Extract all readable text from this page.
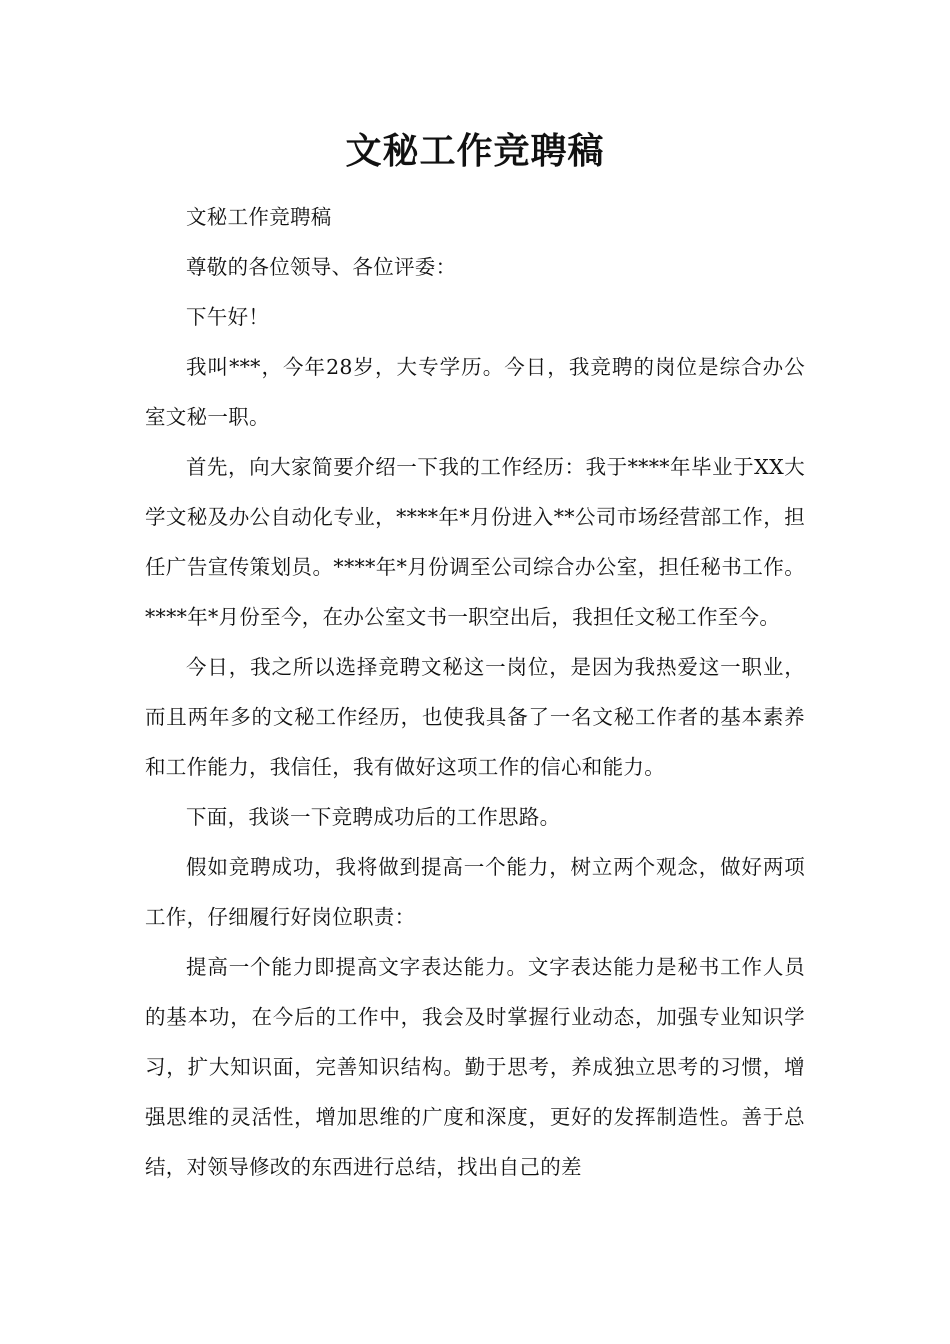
文秘工作竞聘稿

文秘工作竞聘稿

尊敬的各位领导、各位评委：

下午好！

我叫***，今年28岁，大专学历。今日，我竞聘的岗位是综合办公室文秘一职。

首先，向大家简要介绍一下我的工作经历：我于****年毕业于XX大学文秘及办公自动化专业，****年*月份进入**公司市场经营部工作，担任广告宣传策划员。****年*月份调至公司综合办公室，担任秘书工作。****年*月份至今，在办公室文书一职空出后，我担任文秘工作至今。

今日，我之所以选择竞聘文秘这一岗位，是因为我热爱这一职业，而且两年多的文秘工作经历，也使我具备了一名文秘工作者的基本素养和工作能力，我信任，我有做好这项工作的信心和能力。

下面，我谈一下竞聘成功后的工作思路。

假如竞聘成功，我将做到提高一个能力，树立两个观念，做好两项工作，仔细履行好岗位职责：

提高一个能力即提高文字表达能力。文字表达能力是秘书工作人员的基本功，在今后的工作中，我会及时掌握行业动态，加强专业知识学习，扩大知识面，完善知识结构。勤于思考，养成独立思考的习惯，增强思维的灵活性，增加思维的广度和深度，更好的发挥制造性。善于总结，对领导修改的东西进行总结，找出自己的差
